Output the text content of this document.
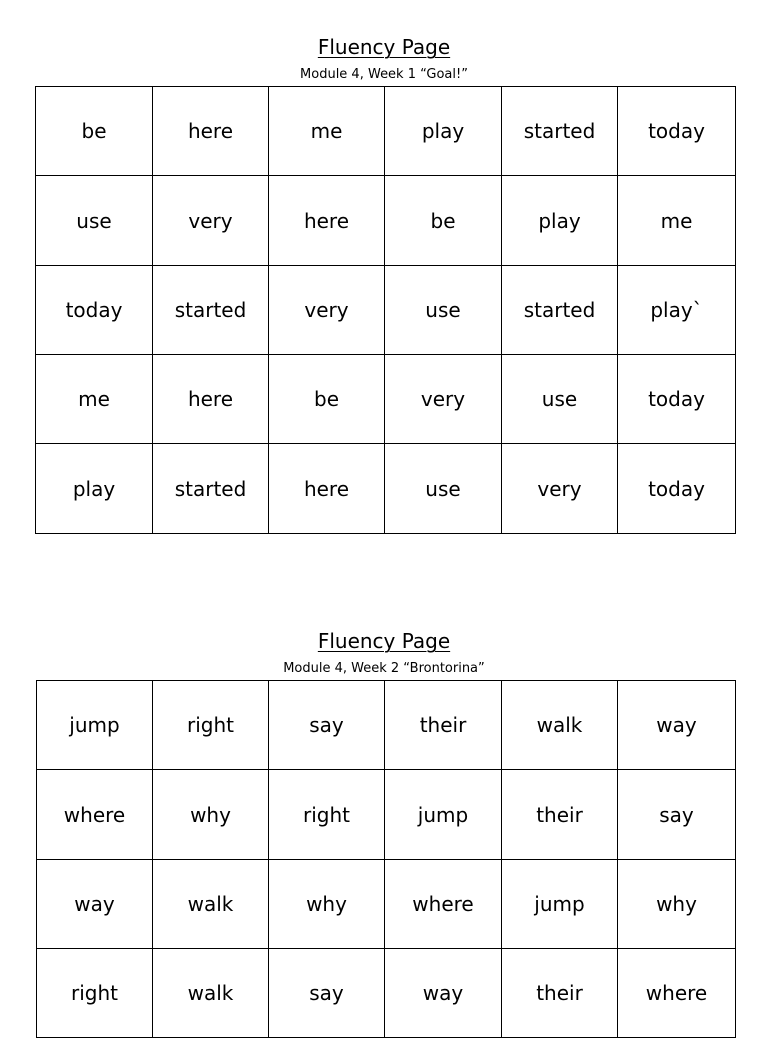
Fluency Page
Module 4, Week 1 “Goal!”
be	here	me	play	started	today
use	very	here	be	play	me
today	started	very	use	started	play`
me	here	be	very	use	today
play	started	here	use	very	today
Fluency Page
Module 4, Week 2 “Brontorina”
jump	right	say	their	walk	way
where	why	right	jump	their	say
way	walk	why	where	jump	why
right	walk	say	way	their	where
